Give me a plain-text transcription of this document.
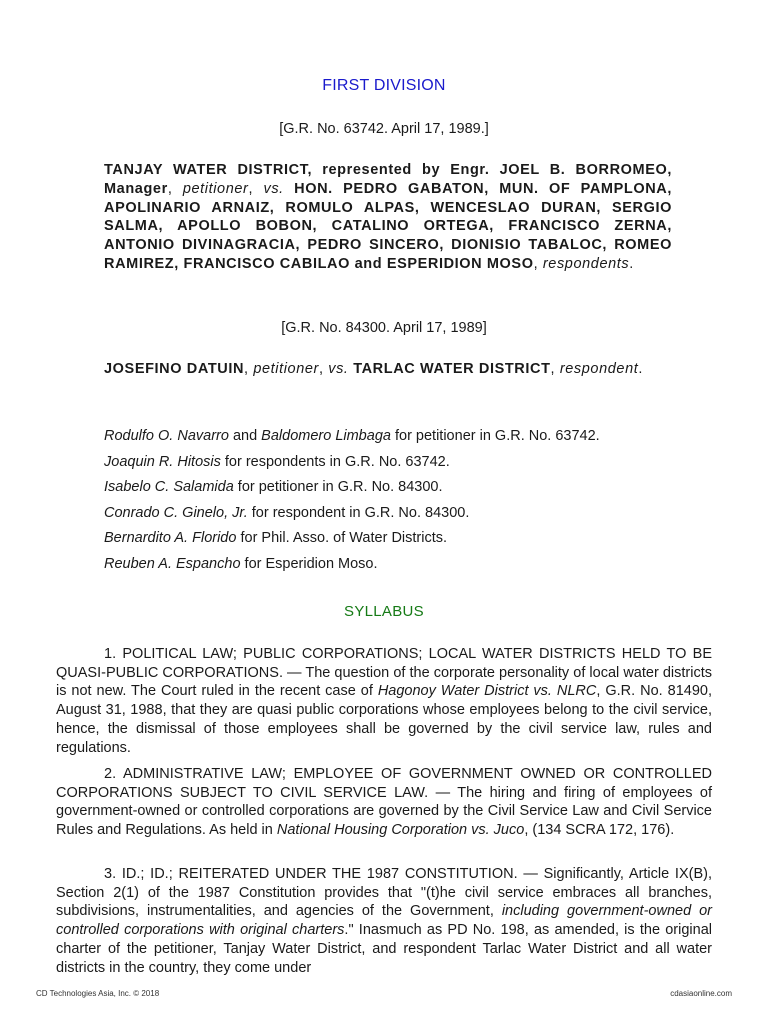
FIRST DIVISION
[G.R. No. 63742. April 17, 1989.]
TANJAY WATER DISTRICT, represented by Engr. JOEL B. BORROMEO, Manager, petitioner, vs. HON. PEDRO GABATON, MUN. OF PAMPLONA, APOLINARIO ARNAIZ, ROMULO ALPAS, WENCESLAO DURAN, SERGIO SALMA, APOLLO BOBON, CATALINO ORTEGA, FRANCISCO ZERNA, ANTONIO DIVINAGRACIA, PEDRO SINCERO, DIONISIO TABALOC, ROMEO RAMIREZ, FRANCISCO CABILAO and ESPERIDION MOSO, respondents.
[G.R. No. 84300. April 17, 1989]
JOSEFINO DATUIN, petitioner, vs. TARLAC WATER DISTRICT, respondent.
Rodulfo O. Navarro and Baldomero Limbaga for petitioner in G.R. No. 63742.
Joaquin R. Hitosis for respondents in G.R. No. 63742.
Isabelo C. Salamida for petitioner in G.R. No. 84300.
Conrado C. Ginelo, Jr. for respondent in G.R. No. 84300.
Bernardito A. Florido for Phil. Asso. of Water Districts.
Reuben A. Espancho for Esperidion Moso.
SYLLABUS
1. POLITICAL LAW; PUBLIC CORPORATIONS; LOCAL WATER DISTRICTS HELD TO BE QUASI-PUBLIC CORPORATIONS. — The question of the corporate personality of local water districts is not new. The Court ruled in the recent case of Hagonoy Water District vs. NLRC, G.R. No. 81490, August 31, 1988, that they are quasi public corporations whose employees belong to the civil service, hence, the dismissal of those employees shall be governed by the civil service law, rules and regulations.
2. ADMINISTRATIVE LAW; EMPLOYEE OF GOVERNMENT OWNED OR CONTROLLED CORPORATIONS SUBJECT TO CIVIL SERVICE LAW. — The hiring and firing of employees of government-owned or controlled corporations are governed by the Civil Service Law and Civil Service Rules and Regulations. As held in National Housing Corporation vs. Juco, (134 SCRA 172, 176).
3. ID.; ID.; REITERATED UNDER THE 1987 CONSTITUTION. — Significantly, Article IX(B), Section 2(1) of the 1987 Constitution provides that "(t)he civil service embraces all branches, subdivisions, instrumentalities, and agencies of the Government, including government-owned or controlled corporations with original charters." Inasmuch as PD No. 198, as amended, is the original charter of the petitioner, Tanjay Water District, and respondent Tarlac Water District and all water districts in the country, they come under
CD Technologies Asia, Inc. © 2018	cdasiaonline.com
